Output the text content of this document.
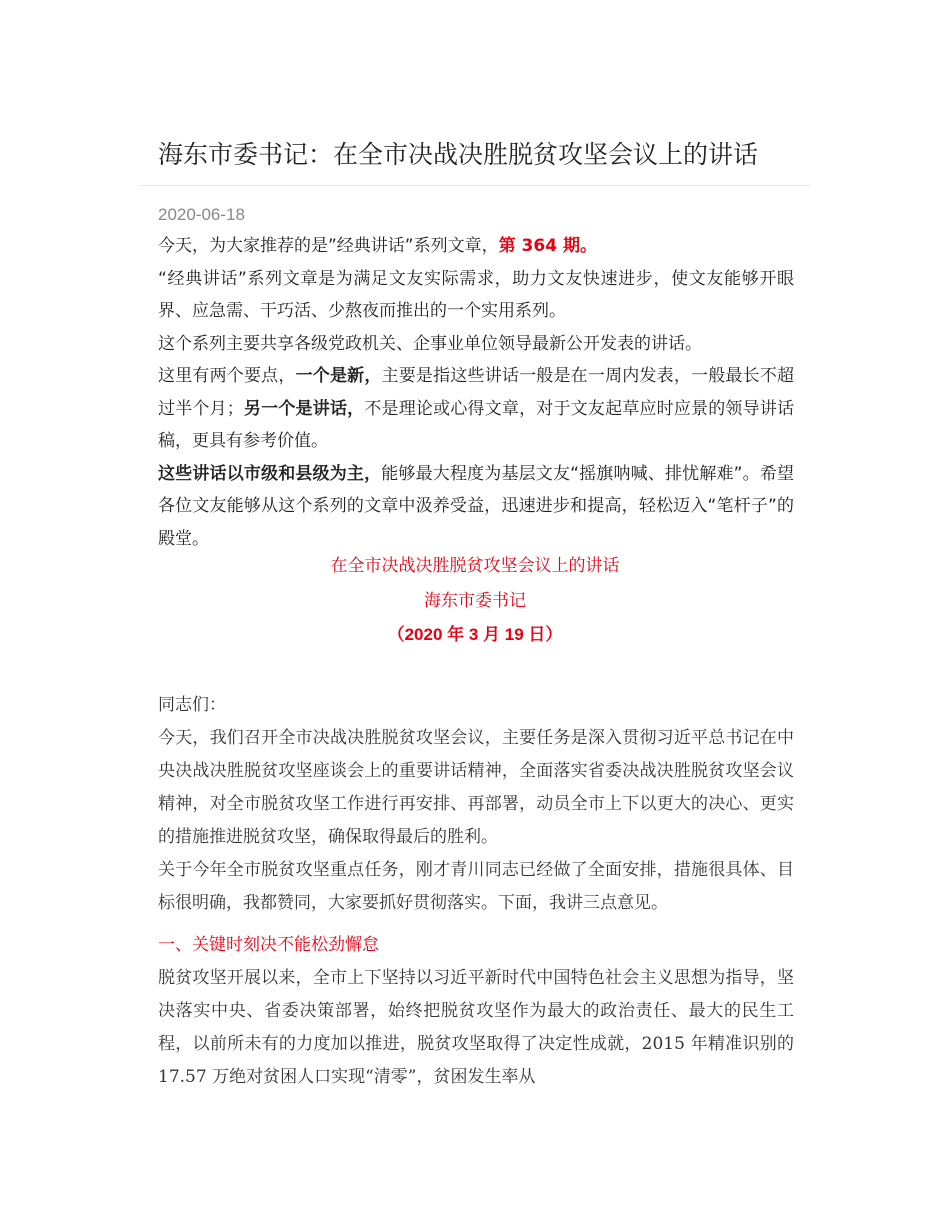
海东市委书记：在全市决战决胜脱贫攻坚会议上的讲话
2020-06-18

今天，为大家推荐的是”经典讲话”系列文章，第 364 期。

“经典讲话”系列文章是为满足文友实际需求，助力文友快速进步，使文友能够开眼界、应急需、干巧活、少熬夜而推出的一个实用系列。

这个系列主要共享各级党政机关、企事业单位领导最新公开发表的讲话。

这里有两个要点，一个是新，主要是指这些讲话一般是在一周内发表，一般最长不超过半个月；另一个是讲话，不是理论或心得文章，对于文友起草应时应景的领导讲话稿，更具有参考价值。

这些讲话以市级和县级为主，能够最大程度为基层文友“摇旗呐喊、排忧解难”。希望各位文友能够从这个系列的文章中汲养受益，迅速进步和提高，轻松迈入“笔杆子”的殿堂。

在全市决战决胜脱贫攻坚会议上的讲话
海东市委书记
（2020 年 3 月 19 日）
同志们：

今天，我们召开全市决战决胜脱贫攻坚会议，主要任务是深入贯彻习近平总书记在中央决战决胜脱贫攻坚座谈会上的重要讲话精神，全面落实省委决战决胜脱贫攻坚会议精神，对全市脱贫攻坚工作进行再安排、再部署，动员全市上下以更大的决心、更实的措施推进脱贫攻坚，确保取得最后的胜利。

关于今年全市脱贫攻坚重点任务，刚才青川同志已经做了全面安排，措施很具体、目标很明确，我都赞同，大家要抓好贯彻落实。下面，我讲三点意见。

一、关键时刻决不能松劲懈怠

脱贫攻坚开展以来，全市上下坚持以习近平新时代中国特色社会主义思想为指导，坚决落实中央、省委决策部署，始终把脱贫攻坚作为最大的政治责任、最大的民生工程，以前所未有的力度加以推进，脱贫攻坚取得了决定性成就，2015 年精准识别的 17.57 万绝对贫困人口实现“清零”，贫困发生率从
